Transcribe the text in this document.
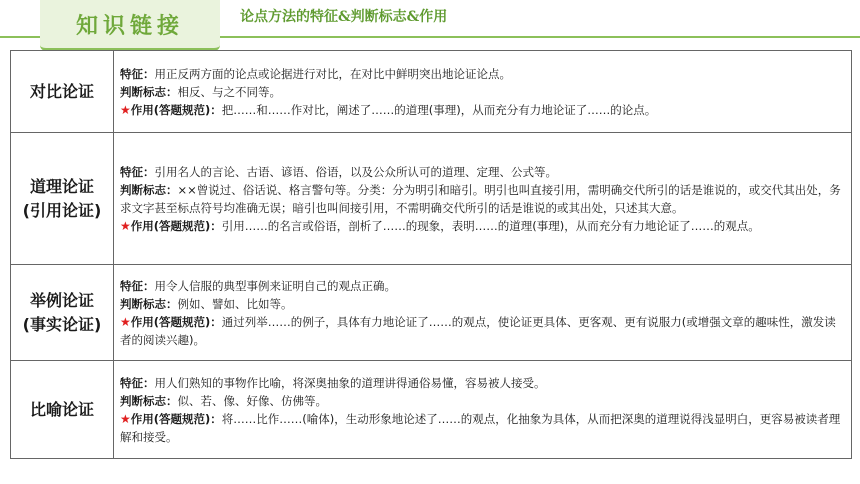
知识链接	论点方法的特征&判断标志&作用
对比论证	特征：用正反两方面的论点或论据进行对比，在对比中鲜明突出地论证论点。
判断标志：相反、与之不同等。
★作用(答题规范)：把……和……作对比，阐述了……的道理(事理)，从而充分有力地论证了……的论点。

道理论证
(引用论证)	特征：引用名人的言论、古语、谚语、俗语，以及公众所认可的道理、定理、公式等。
判断标志：××曾说过、俗话说、格言警句等。分类：分为明引和暗引。明引也叫直接引用，需明确交代所引的话是谁说的，或交代其出处，务求文字甚至标点符号均准确无误；暗引也叫间接引用，不需明确交代所引的话是谁说的或其出处，只述其大意。
★作用(答题规范)：引用……的名言或俗语，剖析了……的现象，表明……的道理(事理)，从而充分有力地论证了……的观点。

举例论证
(事实论证)	特征：用令人信服的典型事例来证明自己的观点正确。
判断标志：例如、譬如、比如等。
★作用(答题规范)：通过列举……的例子，具体有力地论证了……的观点，使论证更具体、更客观、更有说服力(或增强文章的趣味性，激发读者的阅读兴趣)。

比喻论证	特征：用人们熟知的事物作比喻，将深奥抽象的道理讲得通俗易懂，容易被人接受。
判断标志：似、若、像、好像、仿佛等。
★作用(答题规范)：将……比作……(喻体)，生动形象地论述了……的观点，化抽象为具体，从而把深奥的道理说得浅显明白，更容易被读者理解和接受。
